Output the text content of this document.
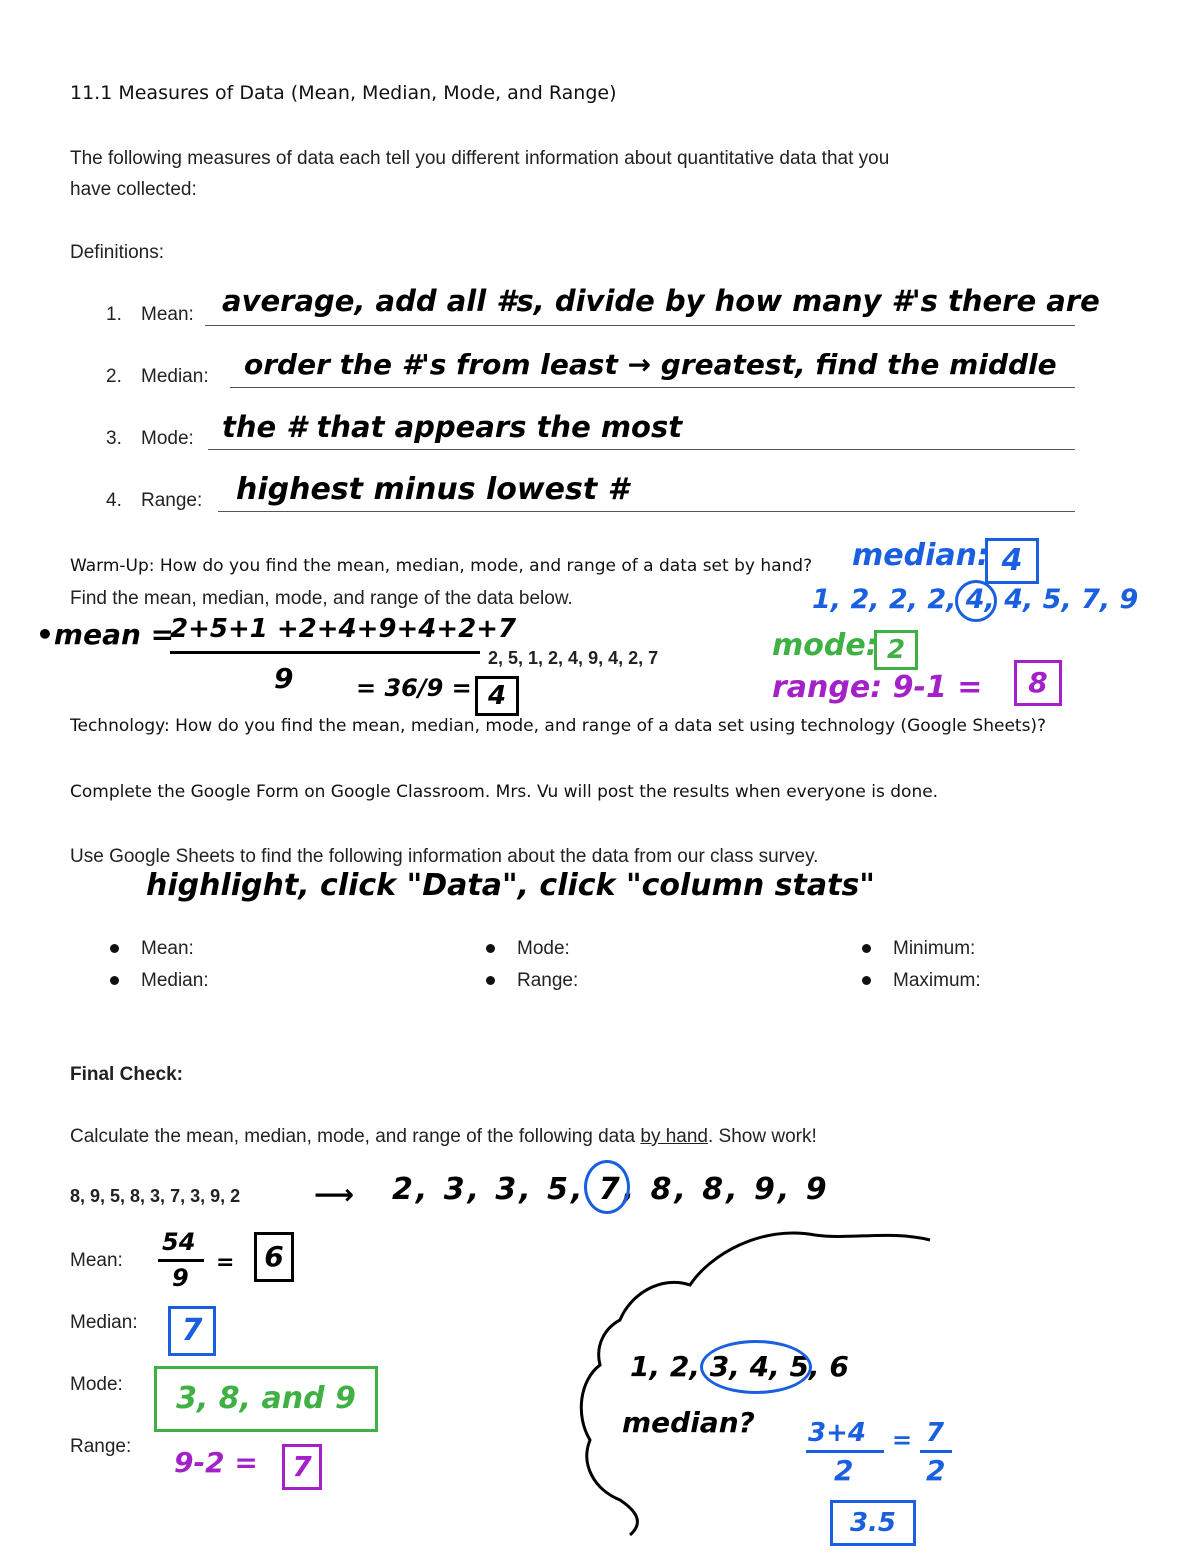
11.1 Measures of Data (Mean, Median, Mode, and Range)
The following measures of data each tell you different information about quantitative data that you
have collected:
Definitions:
1. Mean: average, add all #s, divide by how many #'s there are
2. Median: order the #'s from least → greatest, find the middle
3. Mode: the # that appears the most
4. Range: highest minus lowest #
Warm-Up: How do you find the mean, median, mode, and range of a data set by hand?
Find the mean, median, mode, and range of the data below.
•mean =
2+5+1 +2+4+9+4+2+7
9	= 36/9 = 4
2, 5, 1, 2, 4, 9, 4, 2, 7
median: 4
1, 2, 2, 2, 4, 4, 5, 7, 9
mode: 2
range: 9-1 =	8
Technology: How do you find the mean, median, mode, and range of a data set using technology (Google Sheets)?
Complete the Google Form on Google Classroom. Mrs. Vu will post the results when everyone is done.
Use Google Sheets to find the following information about the data from our class survey.
highlight, click "Data", click "column stats"
Mean:
Median:
Mode:
Range:
Minimum:
Maximum:
Final Check:
Calculate the mean, median, mode, and range of the following data by hand. Show work!
8, 9, 5, 8, 3, 7, 3, 9, 2	⟶ 2, 3, 3, 5, 7, 8, 8, 9, 9
Mean:
54
9
= 6
Median:	7
Mode:	3, 8, and 9
Range: 9-2 = 7
1, 2, 3, 4, 5, 6
median? 3+4
2
= 7
2
3.5
